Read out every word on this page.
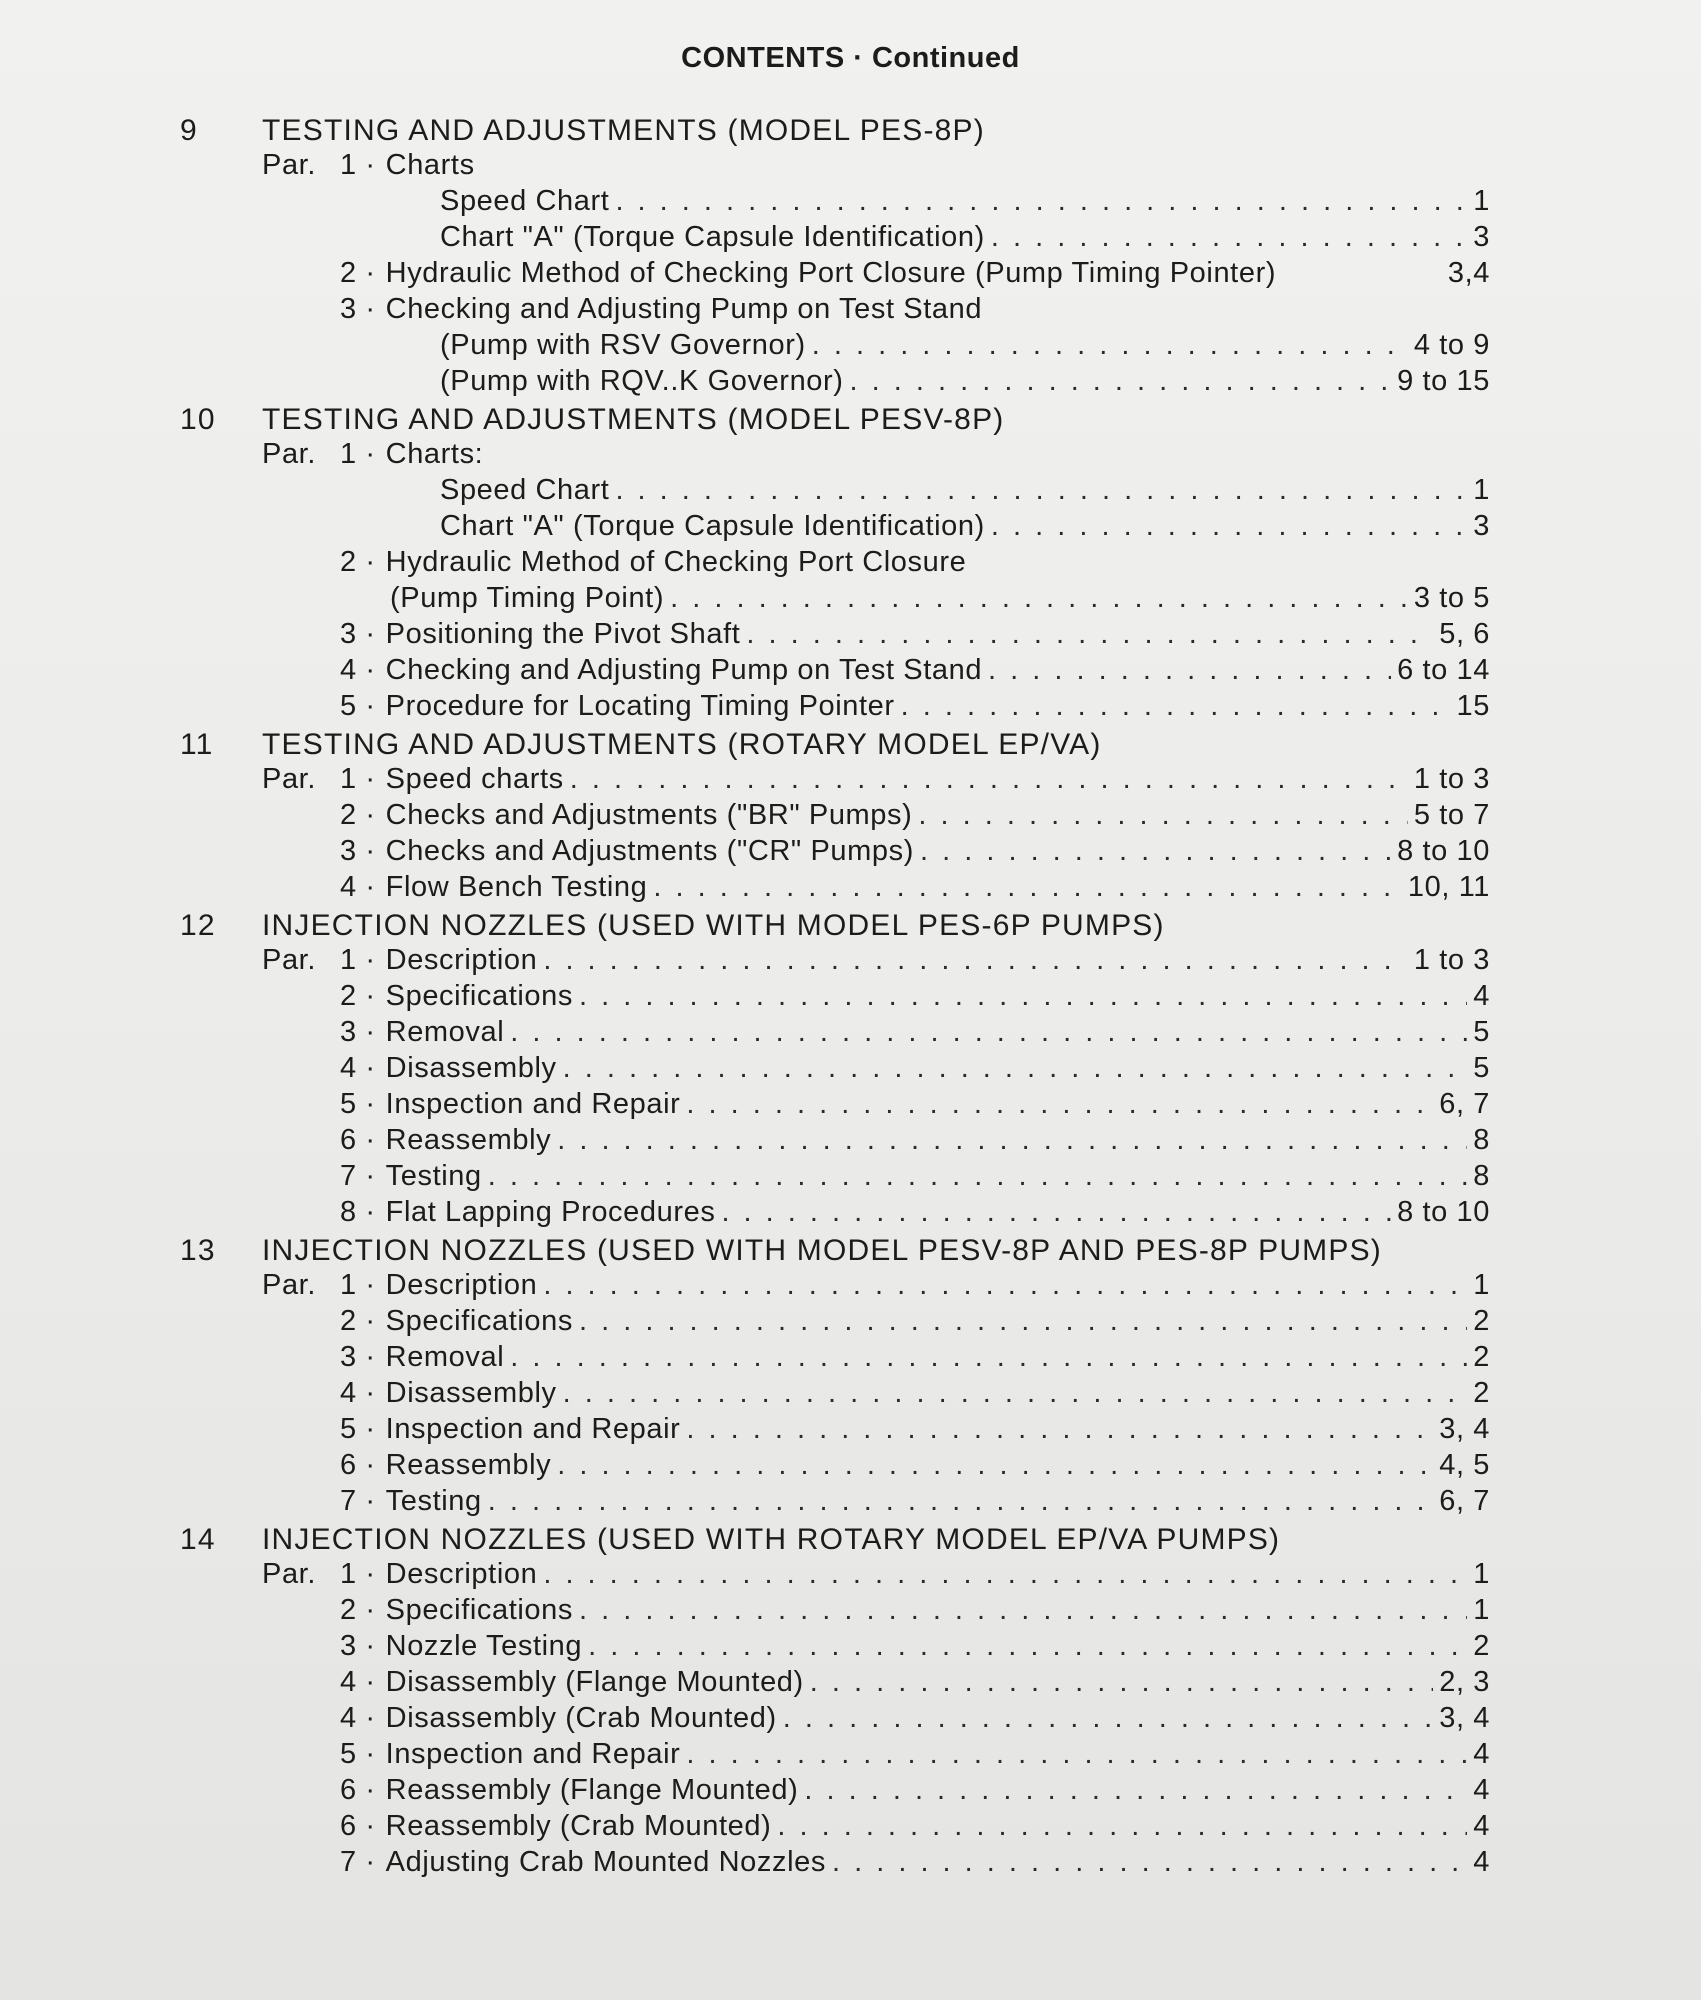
CONTENTS · Continued
9	TESTING AND ADJUSTMENTS (MODEL PES-8P)
Par. 1 · Charts
Speed Chart . . .	1
Chart "A" (Torque Capsule Identification) . . .	3
2 · Hydraulic Method of Checking Port Closure (Pump Timing Pointer)	3,4
3 · Checking and Adjusting Pump on Test Stand
(Pump with RSV Governor) . . .	4 to 9
(Pump with RQV..K Governor) . . .	9 to 15
10	TESTING AND ADJUSTMENTS (MODEL PESV-8P)
Par. 1 · Charts:
Speed Chart . . .	1
Chart "A" (Torque Capsule Identification) . . .	3
2 · Hydraulic Method of Checking Port Closure
(Pump Timing Point) . . .	3 to 5
3 · Positioning the Pivot Shaft . . .	5, 6
4 · Checking and Adjusting Pump on Test Stand . . .	6 to 14
5 · Procedure for Locating Timing Pointer . . .	15
11	TESTING AND ADJUSTMENTS (ROTARY MODEL EP/VA)
Par. 1 · Speed charts . . .	1 to 3
2 · Checks and Adjustments ("BR" Pumps) . . .	5 to 7
3 · Checks and Adjustments ("CR" Pumps) . . .	8 to 10
4 · Flow Bench Testing . . .	10, 11
12	INJECTION NOZZLES (USED WITH MODEL PES-6P PUMPS)
Par. 1 · Description . . .	1 to 3
2 · Specifications . . .	4
3 · Removal . . .	5
4 · Disassembly . . .	5
5 · Inspection and Repair . . .	6, 7
6 · Reassembly . . .	8
7 · Testing . . .	8
8 · Flat Lapping Procedures . . .	8 to 10
13	INJECTION NOZZLES (USED WITH MODEL PESV-8P AND PES-8P PUMPS)
Par. 1 · Description . . .	1
2 · Specifications . . .	2
3 · Removal . . .	2
4 · Disassembly . . .	2
5 · Inspection and Repair . . .	3, 4
6 · Reassembly . . .	4, 5
7 · Testing . . .	6, 7
14	INJECTION NOZZLES (USED WITH ROTARY MODEL EP/VA PUMPS)
Par. 1 · Description . . .	1
2 · Specifications . . .	1
3 · Nozzle Testing . . .	2
4 · Disassembly (Flange Mounted) . . .	2, 3
4 · Disassembly (Crab Mounted) . . .	3, 4
5 · Inspection and Repair . . .	4
6 · Reassembly (Flange Mounted) . . .	4
6 · Reassembly (Crab Mounted) . . .	4
7 · Adjusting Crab Mounted Nozzles . . .	4
